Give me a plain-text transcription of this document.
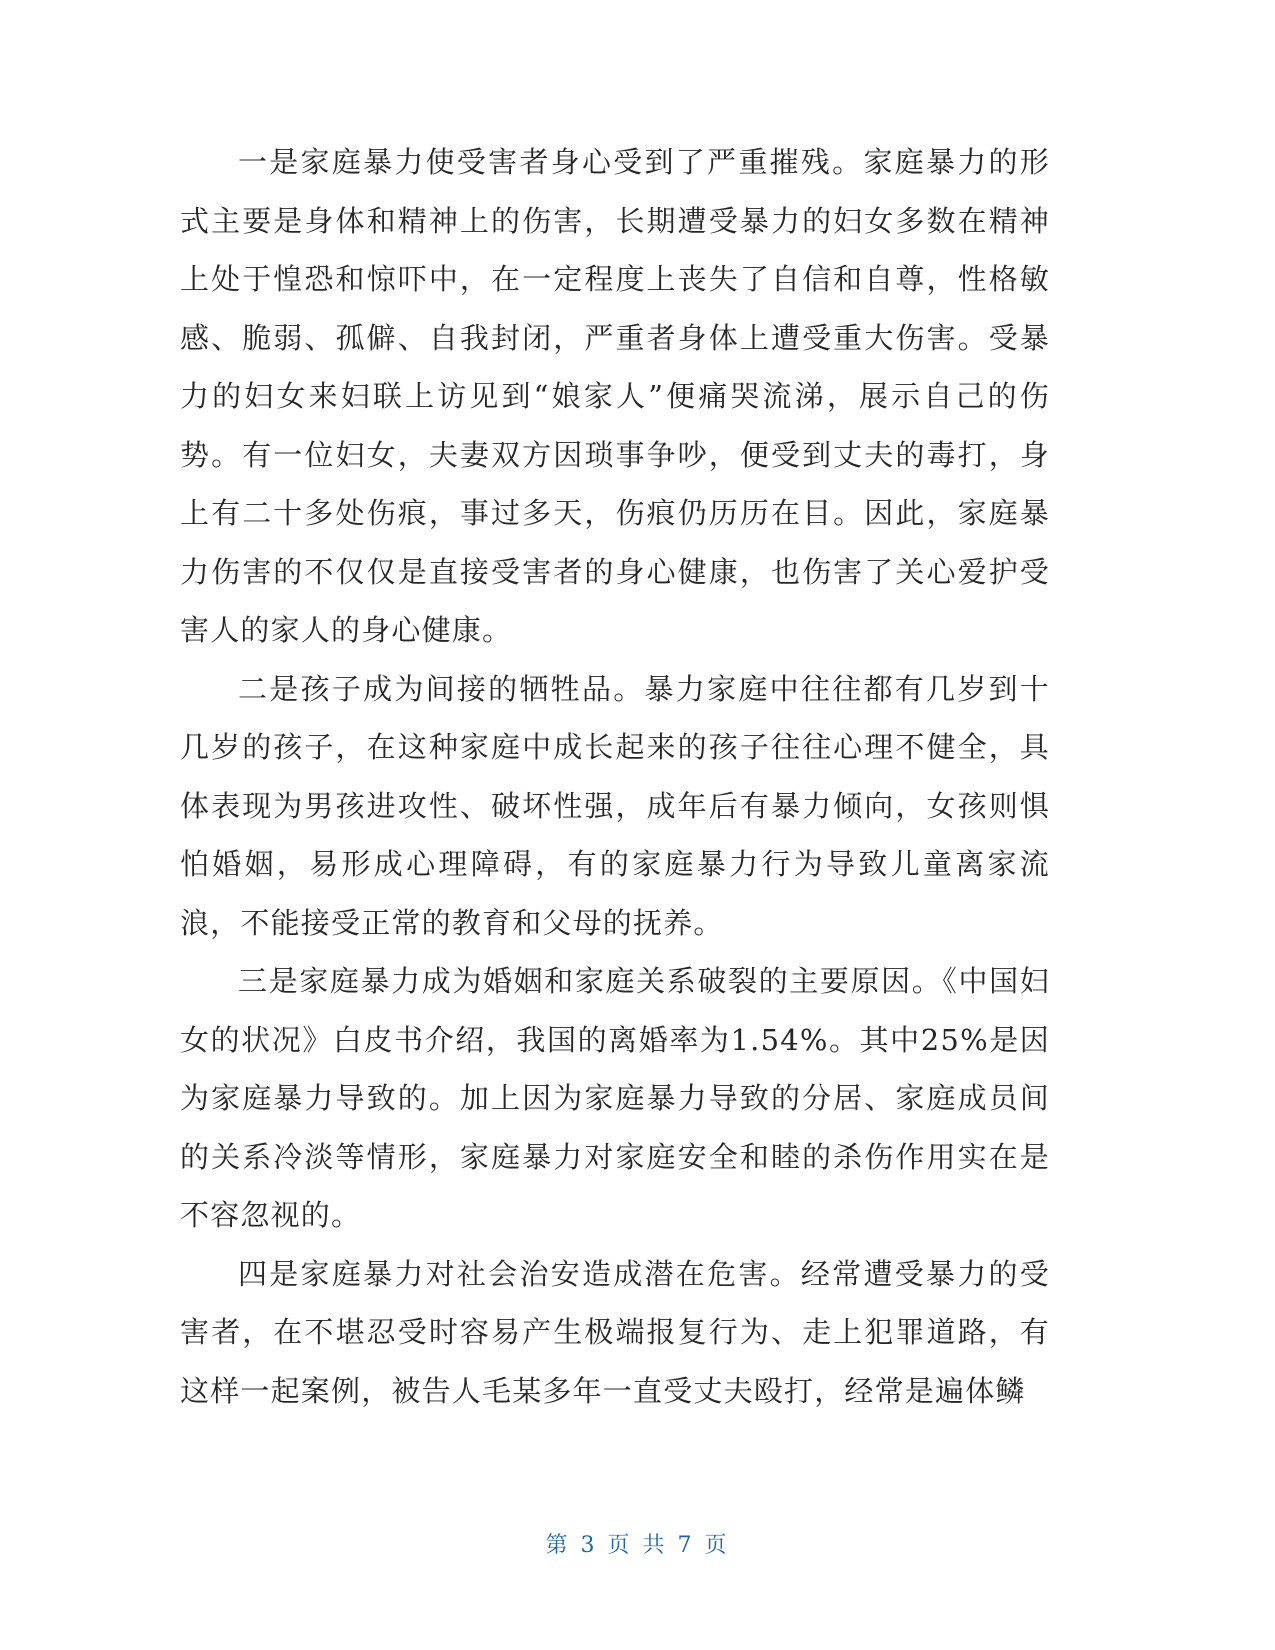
一是家庭暴力使受害者身心受到了严重摧残。家庭暴力的形式主要是身体和精神上的伤害，长期遭受暴力的妇女多数在精神上处于惶恐和惊吓中，在一定程度上丧失了自信和自尊，性格敏感、脆弱、孤僻、自我封闭，严重者身体上遭受重大伤害。受暴力的妇女来妇联上访见到“娘家人”便痛哭流涕，展示自己的伤势。有一位妇女，夫妻双方因琐事争吵，便受到丈夫的毒打，身上有二十多处伤痕，事过多天，伤痕仍历历在目。因此，家庭暴力伤害的不仅仅是直接受害者的身心健康，也伤害了关心爱护受害人的家人的身心健康。

二是孩子成为间接的牺牲品。暴力家庭中往往都有几岁到十几岁的孩子，在这种家庭中成长起来的孩子往往心理不健全，具体表现为男孩进攻性、破坏性强，成年后有暴力倾向，女孩则惧怕婚姻，易形成心理障碍，有的家庭暴力行为导致儿童离家流浪，不能接受正常的教育和父母的抚养。

三是家庭暴力成为婚姻和家庭关系破裂的主要原因。《中国妇女的状况》白皮书介绍，我国的离婚率为1.54%。其中25%是因为家庭暴力导致的。加上因为家庭暴力导致的分居、家庭成员间的关系冷淡等情形，家庭暴力对家庭安全和睦的杀伤作用实在是不容忽视的。

四是家庭暴力对社会治安造成潜在危害。经常遭受暴力的受害者，在不堪忍受时容易产生极端报复行为、走上犯罪道路，有这样一起案例，被告人毛某多年一直受丈夫殴打，经常是遍体鳞

第 3 页 共 7 页
